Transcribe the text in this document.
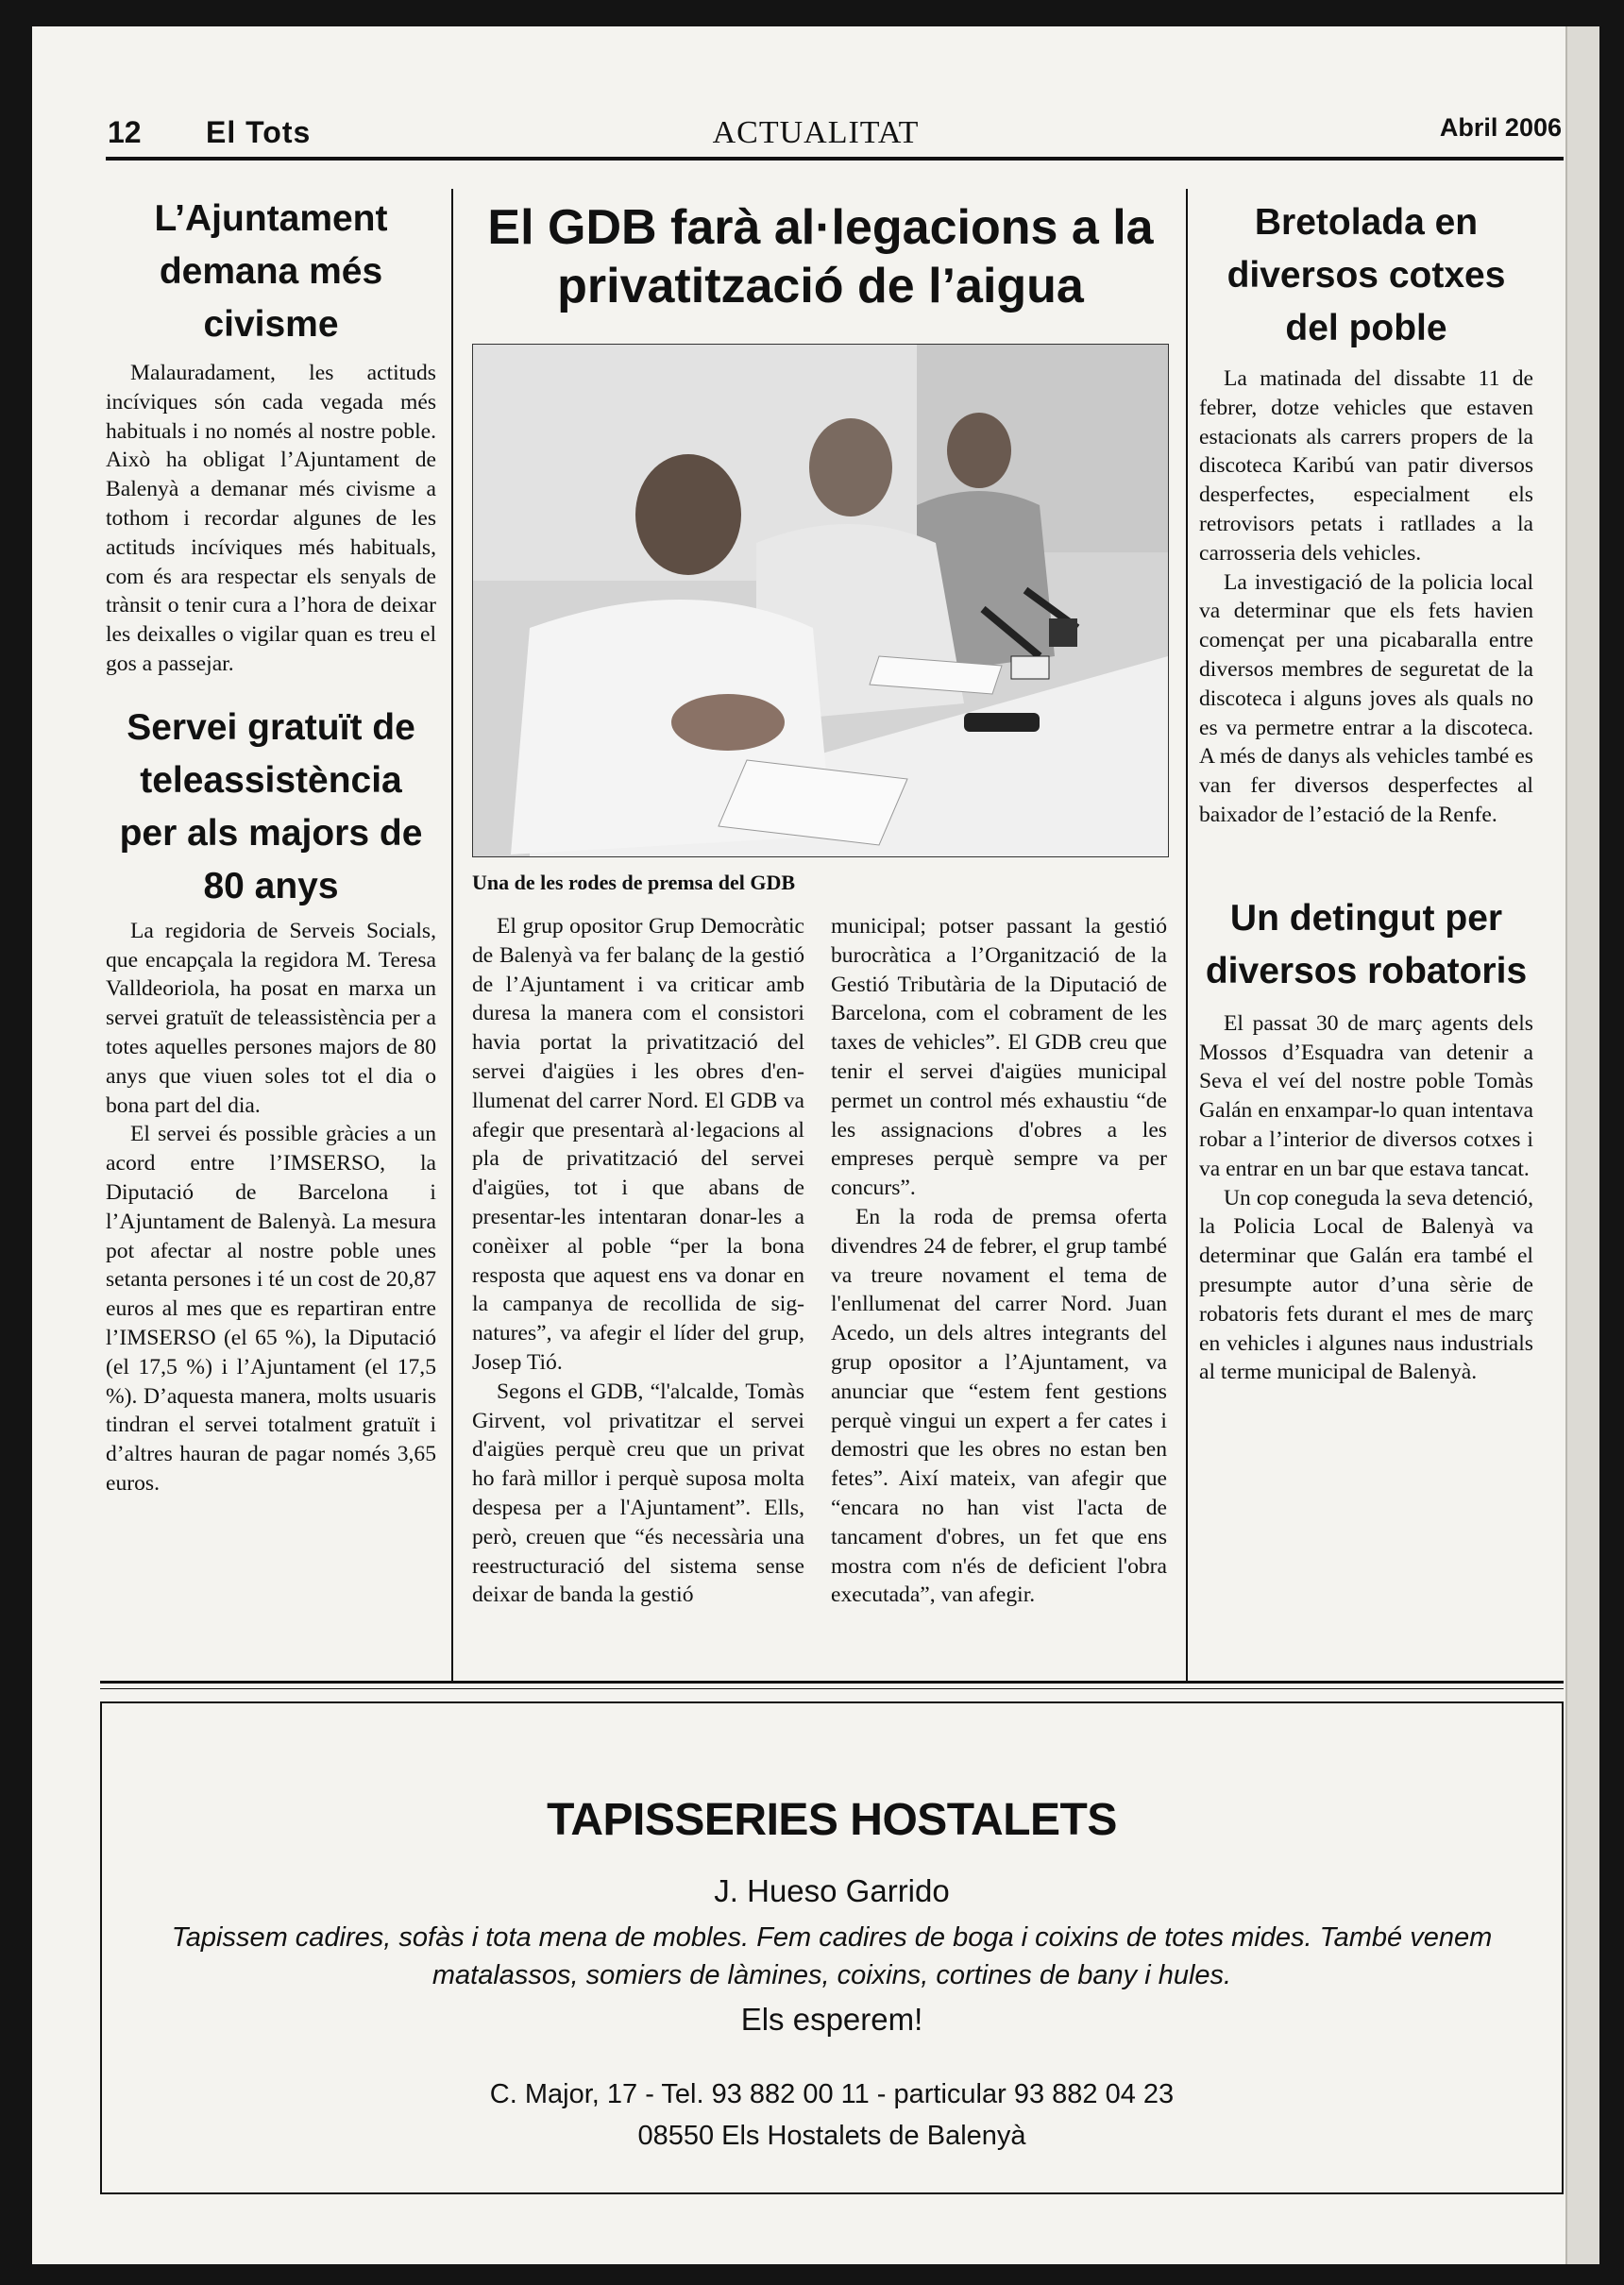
12 El Tots	ACTUALITAT	Abril 2006
L’Ajuntament demana més civisme

Malauradament, les actituds incíviques són cada vegada més habituals i no només al nostre poble. Això ha obligat l’Ajuntament de Balenyà a demanar més civisme a tothom i recordar algunes de les actituds incíviques més habituals, com és ara respectar els senyals de trànsit o tenir cura a l’hora de deixar les deixalles o vigilar quan es treu el gos a passejar.

Servei gratuït de teleassistència per als majors de 80 anys

La regidoria de Serveis Socials, que encapçala la regidora M. Teresa Valldeoriola, ha posat en marxa un servei gratuït de teleassistència per a totes aquelles persones majors de 80 anys que viuen soles tot el dia o bona part del dia.

El servei és possible gràcies a un acord entre l’IMSERSO, la Diputació de Barcelona i l’Ajuntament de Balenyà. La mesura pot afectar al nostre poble unes setanta persones i té un cost de 20,87 euros al mes que es repartiran entre l’IMSERSO (el 65 %), la Diputació (el 17,5 %) i l’Ajuntament (el 17,5 %). D’aquesta manera, molts usuaris tindran el servei totalment gratuït i d’altres hauran de pagar només 3,65 euros.

El GDB farà al·legacions a la privatització de l’aigua
Una de les rodes de premsa del GDB

El grup opositor Grup Democràtic de Balenyà va fer balanç de la gestió de l’Ajuntament i va criticar amb duresa la manera com el consistori havia portat la privatització del servei d'aigües i les obres d'enllumenat del carrer Nord. El GDB va afegir que presentarà al·legacions al pla de privatització del servei d'aigües, tot i que abans de presentar-les intentaran donar-les a conèixer al poble “per la bona resposta que aquest ens va donar en la campanya de recollida de signatures”, va afegir el líder del grup, Josep Tió.

Segons el GDB, “l'alcalde, Tomàs Girvent, vol privatitzar el servei d'aigües perquè creu que un privat ho farà millor i perquè suposa molta despesa per a l'Ajuntament”. Ells, però, creuen que “és necessària una reestructuració del sistema sense deixar de banda la gestió

municipal; potser passant la gestió burocràtica a l’Organització de la Gestió Tributària de la Diputació de Barcelona, com el cobrament de les taxes de vehicles”. El GDB creu que tenir el servei d'aigües municipal permet un control més exhaustiu “de les assignacions d'obres a les empreses perquè sempre va per concurs”.

En la roda de premsa oferta divendres 24 de febrer, el grup també va treure novament el tema de l'enllumenat del carrer Nord. Juan Acedo, un dels altres integrants del grup opositor a l’Ajuntament, va anunciar que “estem fent gestions perquè vingui un expert a fer cates i demostri que les obres no estan ben fetes”. Així mateix, van afegir que “encara no han vist l'acta de tancament d'obres, un fet que ens mostra com n'és de deficient l'obra executada”, van afegir.

Bretolada en diversos cotxes del poble

La matinada del dissabte 11 de febrer, dotze vehicles que estaven estacionats als carrers propers de la discoteca Karibú van patir diversos desperfectes, especialment els retrovisors petats i ratllades a la carrosseria dels vehicles.

La investigació de la policia local va determinar que els fets havien començat per una picabaralla entre diversos membres de seguretat de la discoteca i alguns joves als quals no es va permetre entrar a la discoteca. A més de danys als vehicles també es van fer diversos desperfectes al baixador de l’estació de la Renfe.

Un detingut per diversos robatoris

El passat 30 de març agents dels Mossos d’Esquadra van detenir a Seva el veí del nostre poble Tomàs Galán en enxampar-lo quan intentava robar a l’interior de diversos cotxes i va entrar en un bar que estava tancat.

Un cop coneguda la seva detenció, la Policia Local de Balenyà va determinar que Galán era també el presumpte autor d’una sèrie de robatoris fets durant el mes de març en vehicles i algunes naus industrials al terme municipal de Balenyà.

TAPISSERIES HOSTALETS
J. Hueso Garrido
Tapissem cadires, sofàs i tota mena de mobles. Fem cadires de boga i coixins de totes mides. També venem matalassos, somiers de làmines, coixins, cortines de bany i hules.
Els esperem!
C. Major, 17 - Tel. 93 882 00 11 - particular 93 882 04 23
08550 Els Hostalets de Balenyà
